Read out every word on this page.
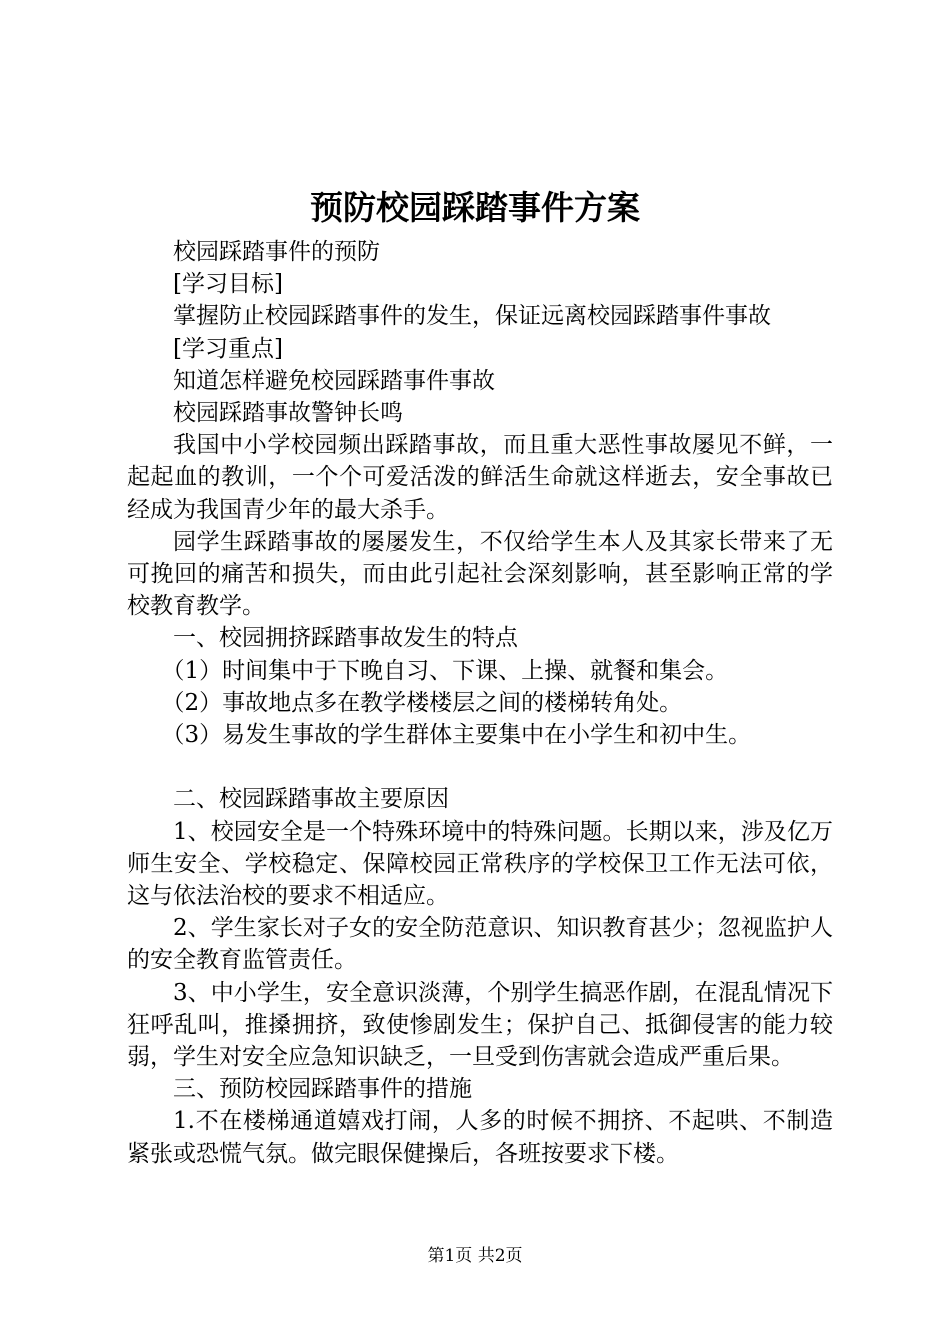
预防校园踩踏事件方案

校园踩踏事件的预防

[学习目标]

掌握防止校园踩踏事件的发生，保证远离校园踩踏事件事故

[学习重点]

知道怎样避免校园踩踏事件事故

校园踩踏事故警钟长鸣

我国中小学校园频出踩踏事故，而且重大恶性事故屡见不鲜，一起起血的教训，一个个可爱活泼的鲜活生命就这样逝去，安全事故已经成为我国青少年的最大杀手。

园学生踩踏事故的屡屡发生，不仅给学生本人及其家长带来了无可挽回的痛苦和损失，而由此引起社会深刻影响，甚至影响正常的学校教育教学。

一、校园拥挤踩踏事故发生的特点

（1）时间集中于下晚自习、下课、上操、就餐和集会。

（2）事故地点多在教学楼楼层之间的楼梯转角处。

（3）易发生事故的学生群体主要集中在小学生和初中生。

二、校园踩踏事故主要原因

1、校园安全是一个特殊环境中的特殊问题。长期以来，涉及亿万师生安全、学校稳定、保障校园正常秩序的学校保卫工作无法可依，这与依法治校的要求不相适应。

2、学生家长对子女的安全防范意识、知识教育甚少；忽视监护人的安全教育监管责任。

3、中小学生，安全意识淡薄，个别学生搞恶作剧，在混乱情况下狂呼乱叫，推搡拥挤，致使惨剧发生；保护自己、抵御侵害的能力较弱，学生对安全应急知识缺乏，一旦受到伤害就会造成严重后果。

三、预防校园踩踏事件的措施

1.不在楼梯通道嬉戏打闹，人多的时候不拥挤、不起哄、不制造紧张或恐慌气氛。做完眼保健操后，各班按要求下楼。

第1页 共2页
